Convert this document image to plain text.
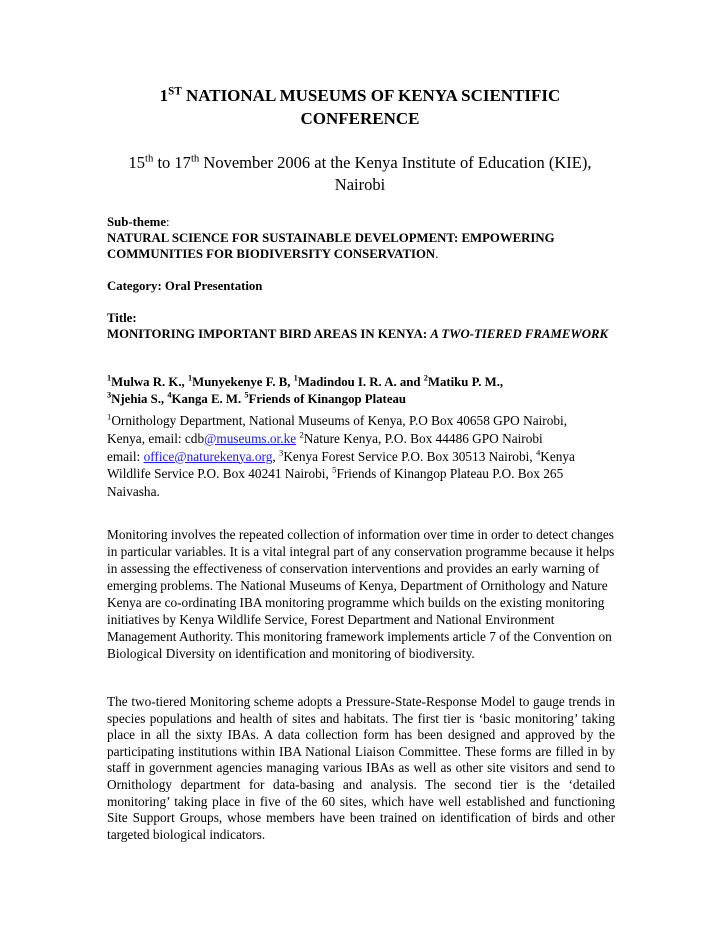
1ST NATIONAL MUSEUMS OF KENYA SCIENTIFIC
CONFERENCE
15th to 17th November 2006 at the Kenya Institute of Education (KIE),
Nairobi
Sub-theme:
NATURAL SCIENCE FOR SUSTAINABLE DEVELOPMENT: EMPOWERING COMMUNITIES FOR BIODIVERSITY CONSERVATION.
Category: Oral Presentation
Title:
MONITORING IMPORTANT BIRD AREAS IN KENYA: A TWO-TIERED FRAMEWORK
$^1$Mulwa R. K., $^1$Munyekenye F. B, $^1$Madindou I. R. A. and $^2$Matiku P. M.,
$^3$Njehia S., $^4$Kanga E. M. $^5$Friends of Kinangop Plateau
$^1$Ornithology Department, National Museums of Kenya, P.O Box 40658 GPO Nairobi, Kenya, email: cdb@museums.or.ke $^2$Nature Kenya, P.O. Box 44486 GPO Nairobi email: office@naturekenya.org, $^3$Kenya Forest Service P.O. Box 30513 Nairobi, $^4$Kenya Wildlife Service P.O. Box 40241 Nairobi, $^5$Friends of Kinangop Plateau P.O. Box 265 Naivasha.
Monitoring involves the repeated collection of information over time in order to detect changes in particular variables. It is a vital integral part of any conservation programme because it helps in assessing the effectiveness of conservation interventions and provides an early warning of emerging problems. The National Museums of Kenya, Department of Ornithology and Nature Kenya are co-ordinating IBA monitoring programme which builds on the existing monitoring initiatives by Kenya Wildlife Service, Forest Department and National Environment Management Authority. This monitoring framework implements article 7 of the Convention on Biological Diversity on identification and monitoring of biodiversity.
The two-tiered Monitoring scheme adopts a Pressure-State-Response Model to gauge trends in species populations and health of sites and habitats. The first tier is ‘basic monitoring’ taking place in all the sixty IBAs. A data collection form has been designed and approved by the participating institutions within IBA National Liaison Committee. These forms are filled in by staff in government agencies managing various IBAs as well as other site visitors and send to Ornithology department for data-basing and analysis. The second tier is the ‘detailed monitoring’ taking place in five of the 60 sites, which have well established and functioning Site Support Groups, whose members have been trained on identification of birds and other targeted biological indicators.
